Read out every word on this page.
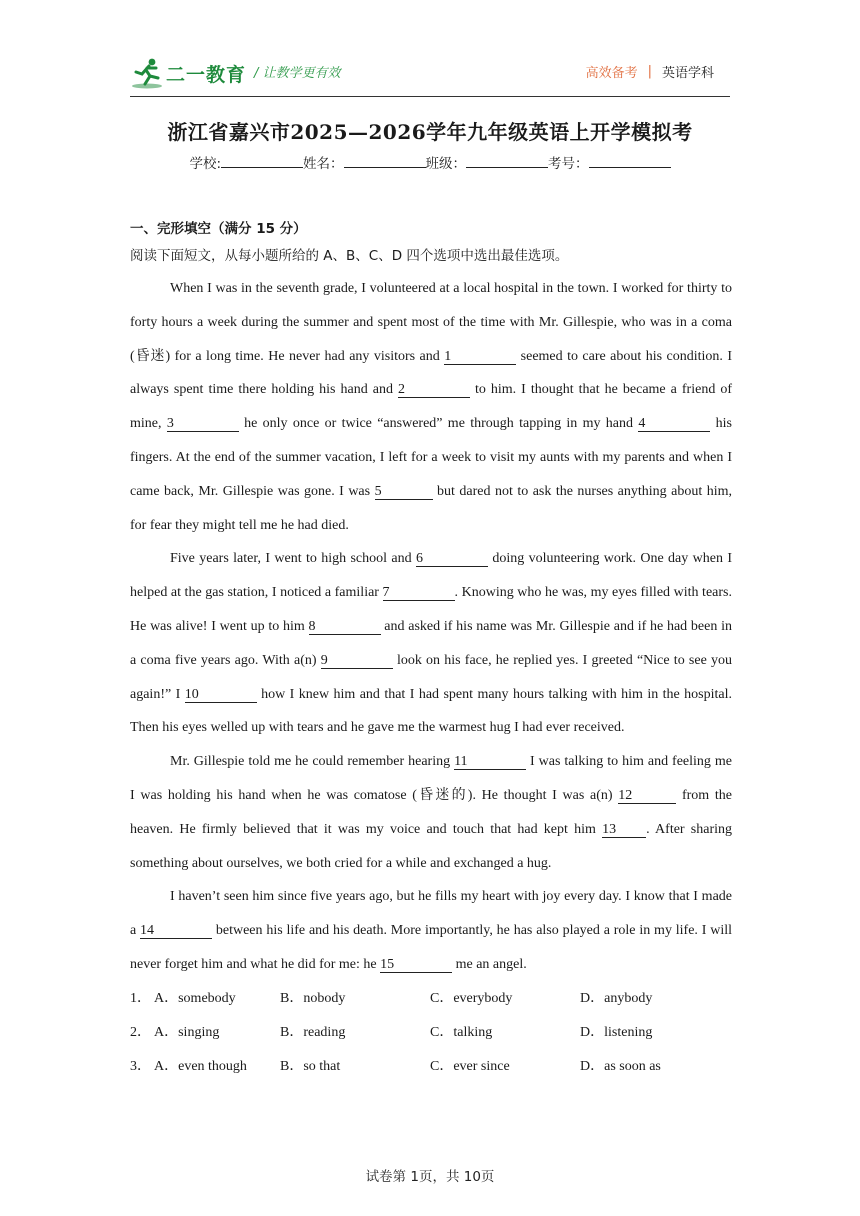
二一教育 / 让教学更有效	高效备考 | 英语学科
浙江省嘉兴市2025—2026学年九年级英语上开学模拟考
学校:	姓名：	班级：	考号：
一、完形填空（满分 15 分）
阅读下面短文，从每小题所给的 A、B、C、D 四个选项中选出最佳选项。

When I was in the seventh grade, I volunteered at a local hospital in the town. I worked for thirty to forty hours a week during the summer and spent most of the time with Mr. Gillespie, who was in a coma (昏迷) for a long time. He never had any visitors and 1	seemed to care about his condition. I always spent time there holding his hand and 2	to him. I thought that he became a friend of mine, 3	he only once or twice “answered” me through tapping in my hand 4	his fingers. At the end of the summer vacation, I left for a week to visit my aunts with my parents and when I came back, Mr. Gillespie was gone. I was 5	but dared not to ask the nurses anything about him, for fear they might tell me he had died.

Five years later, I went to high school and 6	doing volunteering work. One day when I helped at the gas station, I noticed a familiar 7	. Knowing who he was, my eyes filled with tears. He was alive! I went up to him 8	and asked if his name was Mr. Gillespie and if he had been in a coma five years ago. With a(n) 9	look on his face, he replied yes. I greeted “Nice to see you again!” I 10	how I knew him and that I had spent many hours talking with him in the hospital. Then his eyes welled up with tears and he gave me the warmest hug I had ever received.

Mr. Gillespie told me he could remember hearing 11	I was talking to him and feeling me I was holding his hand when he was comatose (昏迷的). He thought I was a(n) 12	from the heaven. He firmly believed that it was my voice and touch that had kept him 13 . After sharing something about ourselves, we both cried for a while and exchanged a hug.

I haven’t seen him since five years ago, but he fills my heart with joy every day. I know that I made a 14	between his life and his death. More importantly, he has also played a role in my life. I will never forget him and what he did for me: he 15	me an angel.

1． A．somebody	B．nobody	C．everybody	D．anybody
2． A．singing	B．reading	C．talking	D．listening
3． A．even though	B．so that	C．ever since	D．as soon as
试卷第 1页，共 10页
